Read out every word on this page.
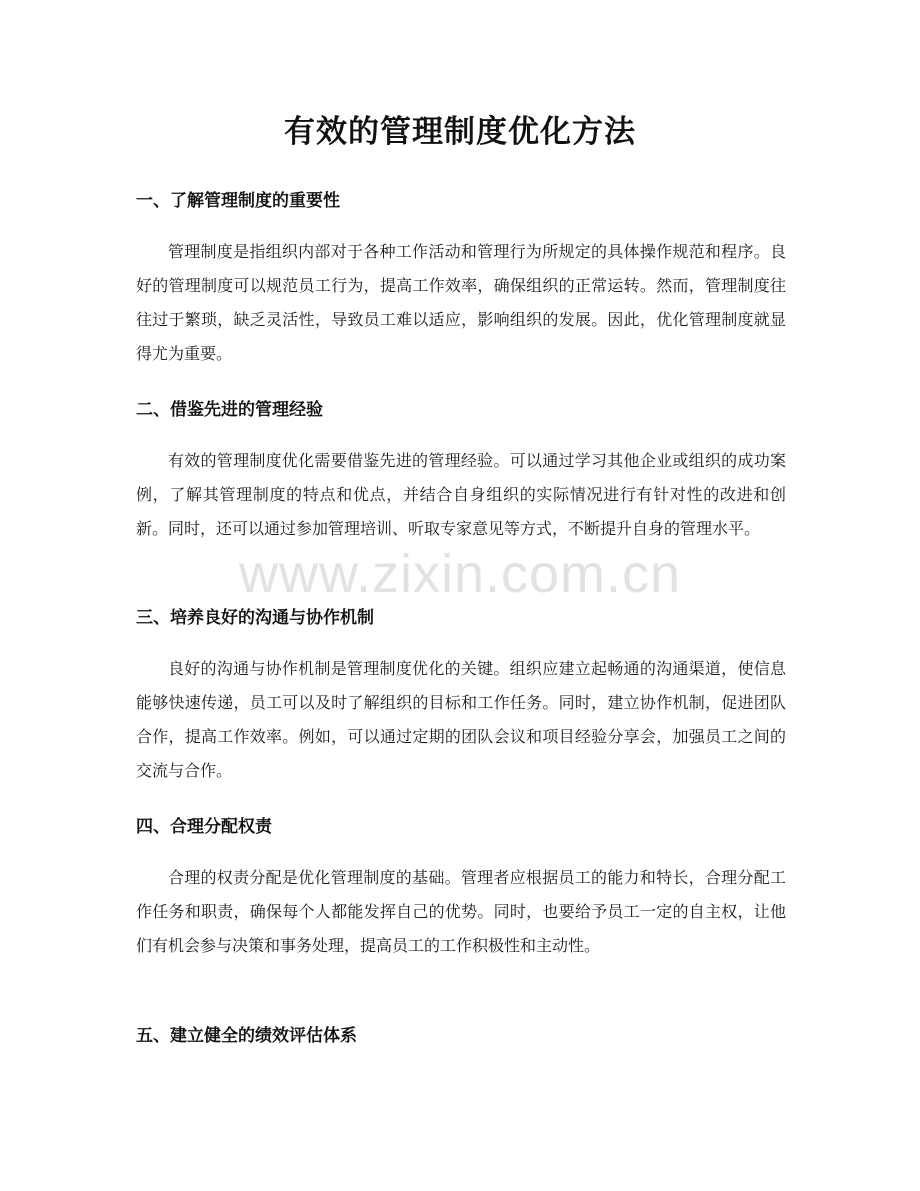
有效的管理制度优化方法
一、了解管理制度的重要性

管理制度是指组织内部对于各种工作活动和管理行为所规定的具体操作规范和程序。良好的管理制度可以规范员工行为，提高工作效率，确保组织的正常运转。然而，管理制度往往过于繁琐，缺乏灵活性，导致员工难以适应，影响组织的发展。因此，优化管理制度就显得尤为重要。

二、借鉴先进的管理经验

有效的管理制度优化需要借鉴先进的管理经验。可以通过学习其他企业或组织的成功案例，了解其管理制度的特点和优点，并结合自身组织的实际情况进行有针对性的改进和创新。同时，还可以通过参加管理培训、听取专家意见等方式，不断提升自身的管理水平。

三、培养良好的沟通与协作机制

良好的沟通与协作机制是管理制度优化的关键。组织应建立起畅通的沟通渠道，使信息能够快速传递，员工可以及时了解组织的目标和工作任务。同时，建立协作机制，促进团队合作，提高工作效率。例如，可以通过定期的团队会议和项目经验分享会，加强员工之间的交流与合作。

四、合理分配权责

合理的权责分配是优化管理制度的基础。管理者应根据员工的能力和特长，合理分配工作任务和职责，确保每个人都能发挥自己的优势。同时，也要给予员工一定的自主权，让他们有机会参与决策和事务处理，提高员工的工作积极性和主动性。

五、建立健全的绩效评估体系
www.zixin.com.cn
